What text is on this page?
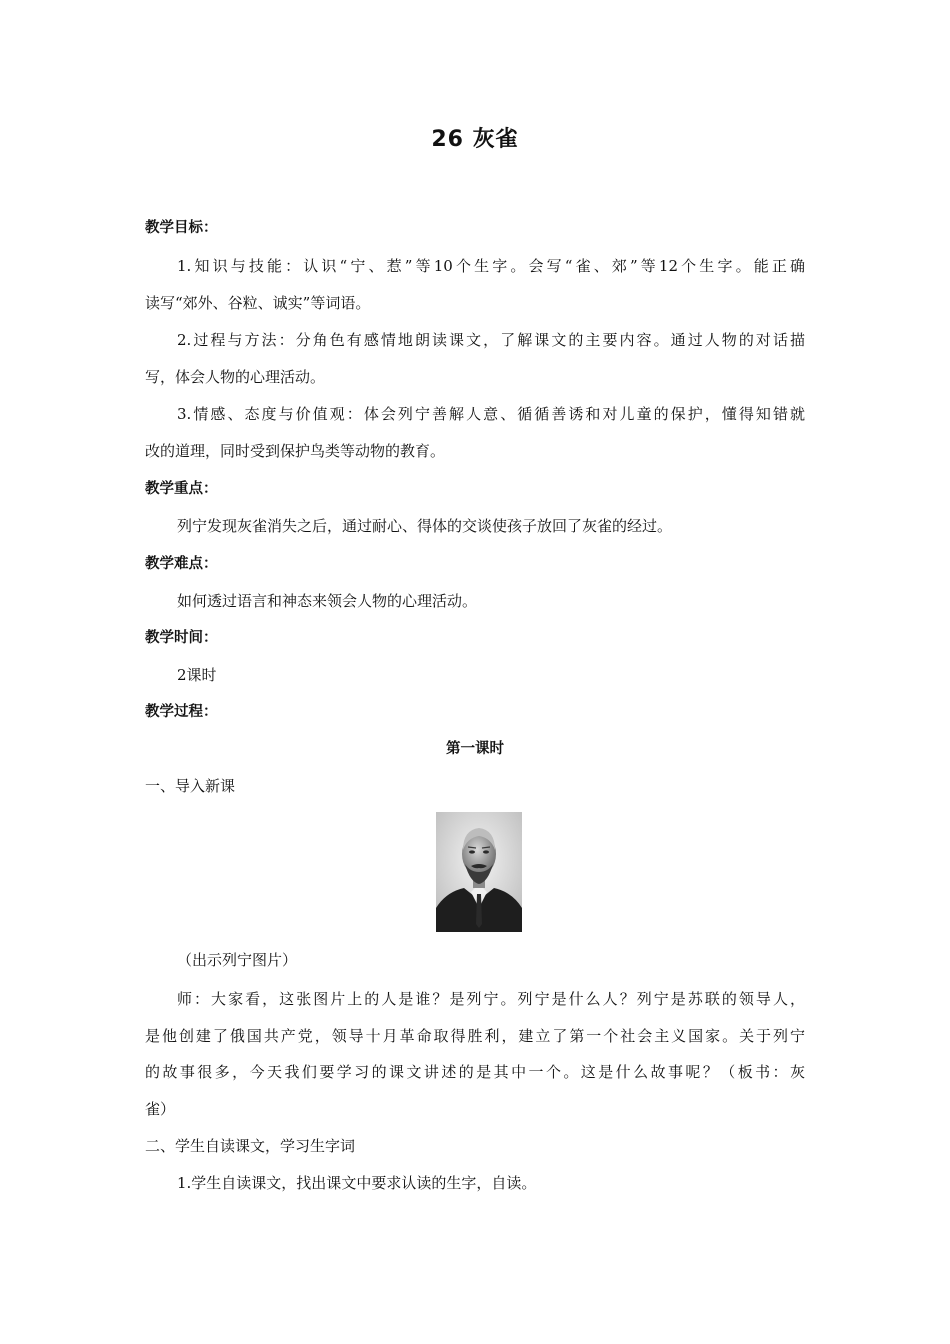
26 灰雀
教学目标：
1.知识与技能：认识“宁、惹”等10个生字。会写“雀、郊”等12个生字。能正确
读写“郊外、谷粒、诚实”等词语。
2.过程与方法：分角色有感情地朗读课文，了解课文的主要内容。通过人物的对话描
写，体会人物的心理活动。
3.情感、态度与价值观：体会列宁善解人意、循循善诱和对儿童的保护，懂得知错就
改的道理，同时受到保护鸟类等动物的教育。
教学重点：
列宁发现灰雀消失之后，通过耐心、得体的交谈使孩子放回了灰雀的经过。
教学难点：
如何透过语言和神态来领会人物的心理活动。
教学时间：
2课时
教学过程：
第一课时
一、导入新课
（出示列宁图片）
师：大家看，这张图片上的人是谁？是列宁。列宁是什么人？列宁是苏联的领导人，
是他创建了俄国共产党，领导十月革命取得胜利，建立了第一个社会主义国家。关于列宁
的故事很多，今天我们要学习的课文讲述的是其中一个。这是什么故事呢？（板书：灰
雀）
二、学生自读课文，学习生字词
1.学生自读课文，找出课文中要求认读的生字，自读。
